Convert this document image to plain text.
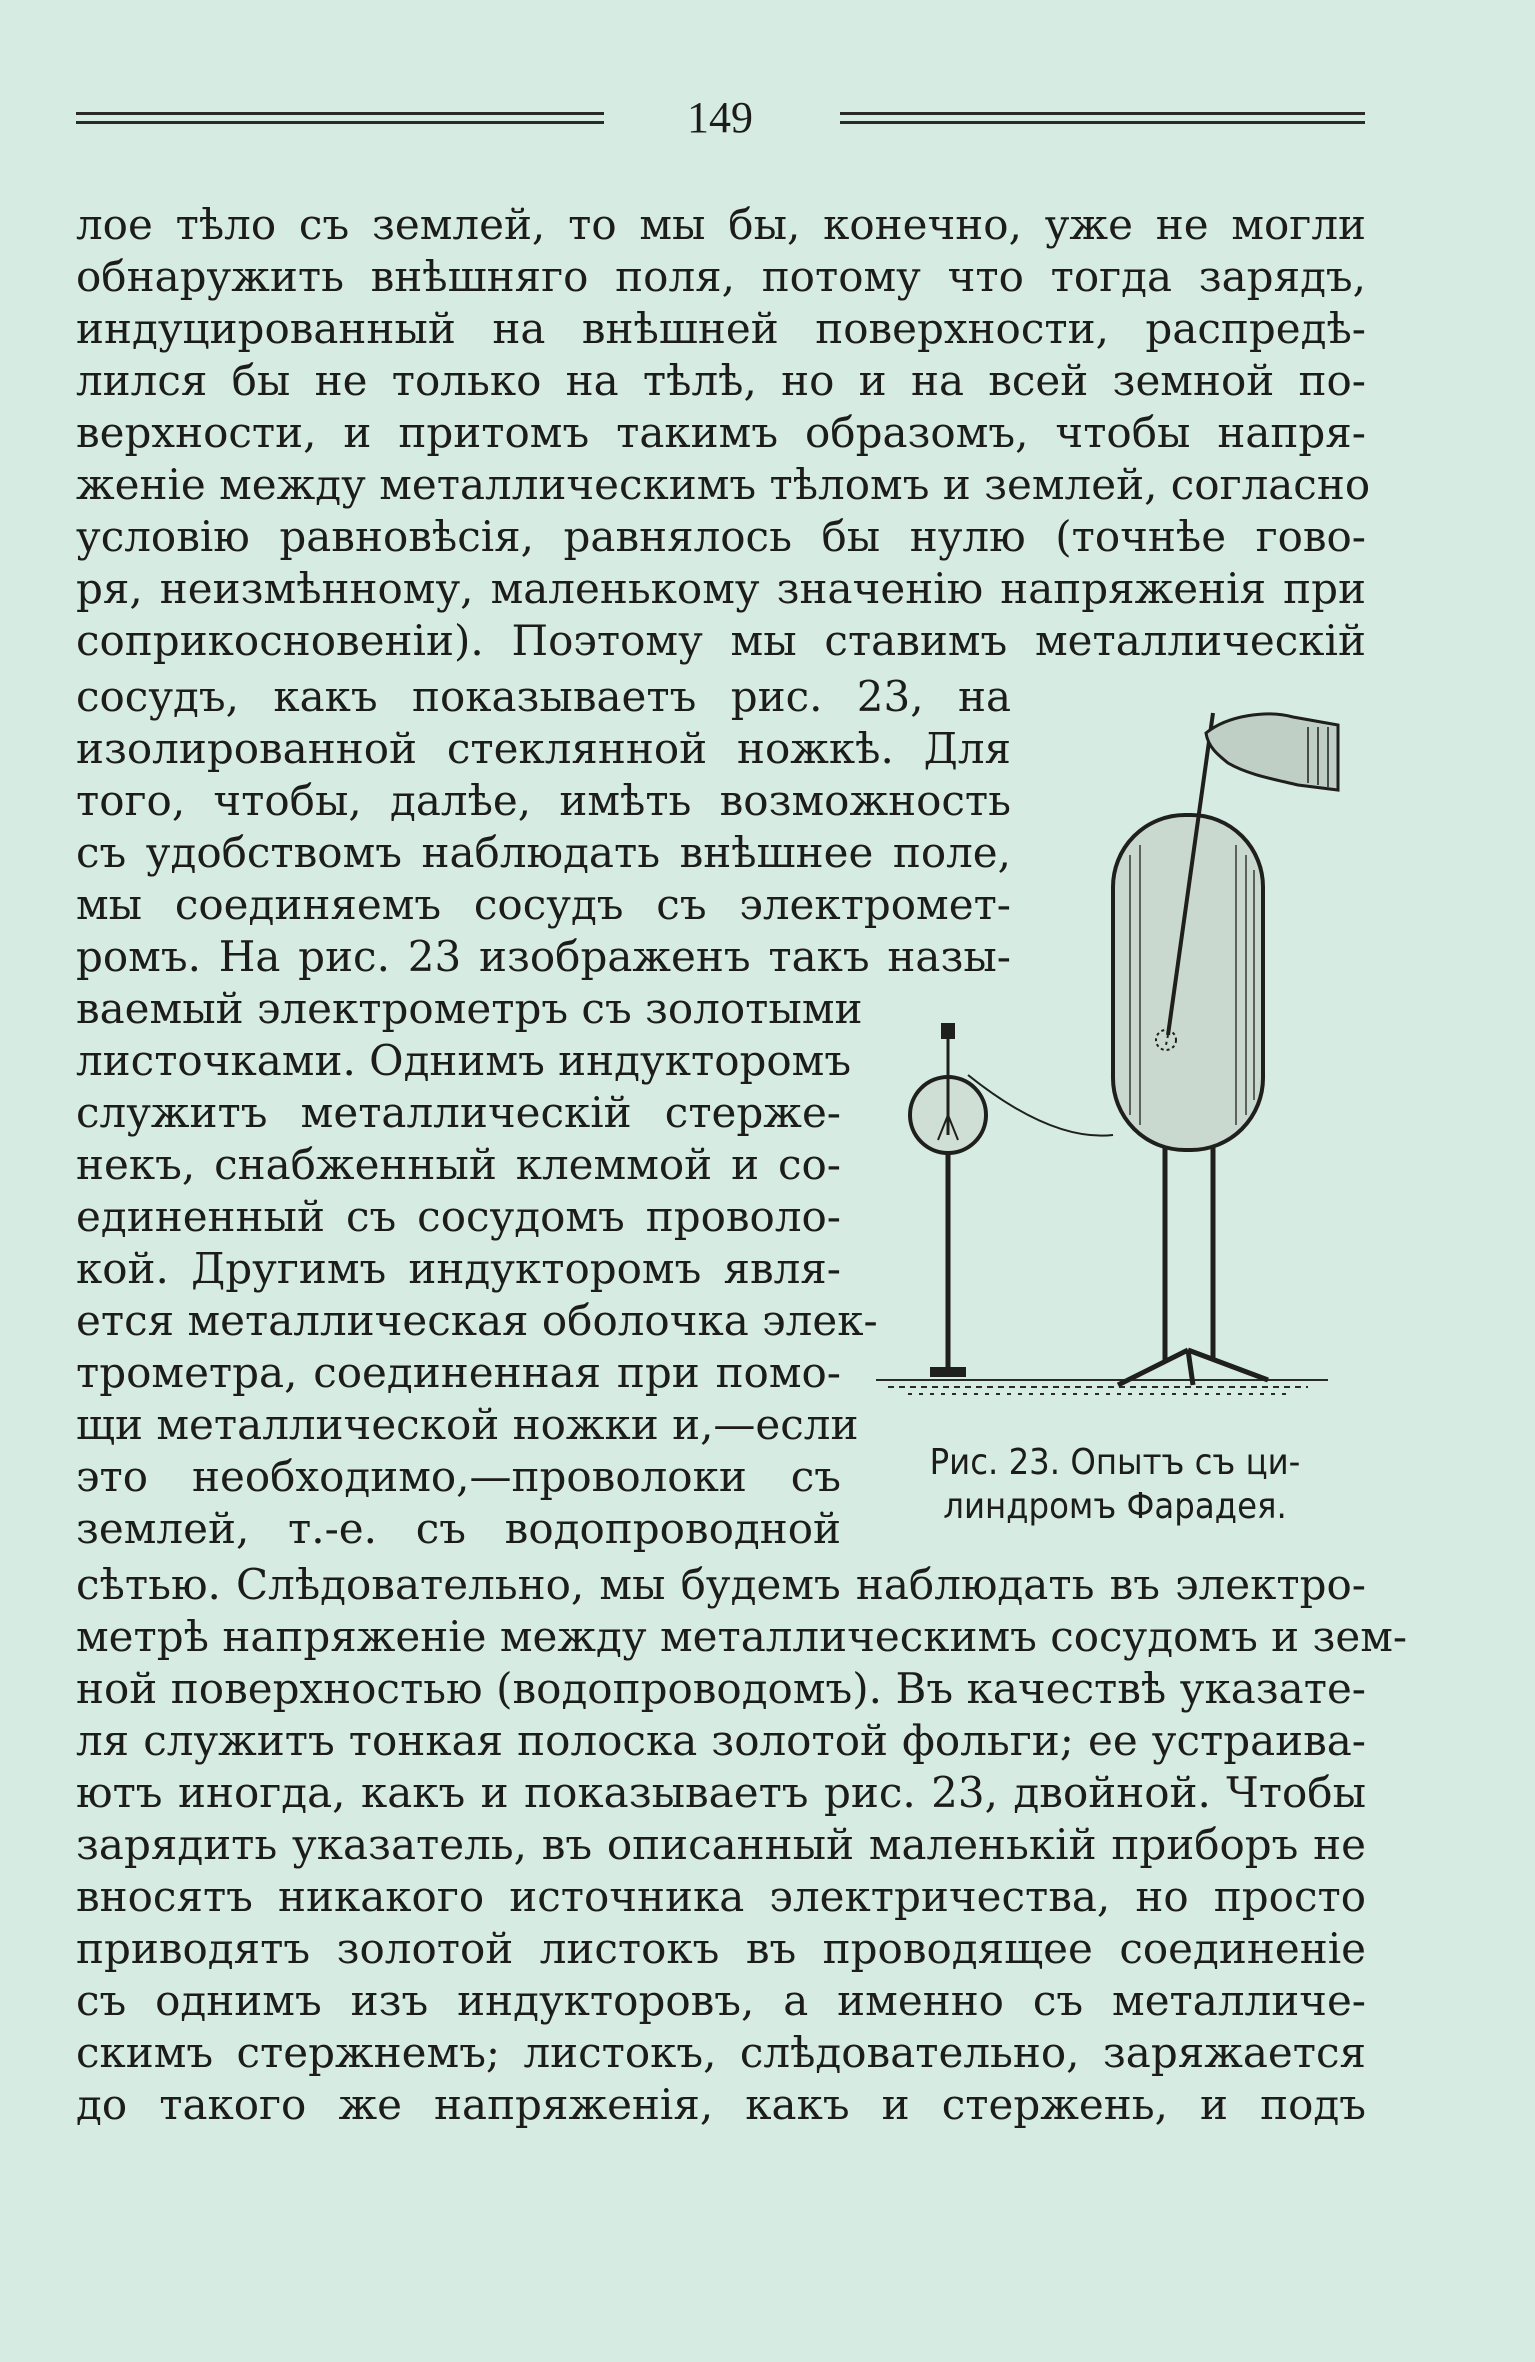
149
лое тѣло съ землей, то мы бы, конечно, уже не могли
обнаружить внѣшняго поля, потому что тогда зарядъ,
индуцированный на внѣшней поверхности, распредѣ-
лился бы не только на тѣлѣ, но и на всей земной по-
верхности, и притомъ такимъ образомъ, чтобы напря-
женіе между металлическимъ тѣломъ и землей, согласно
условію равновѣсія, равнялось бы нулю (точнѣе гово-
ря, неизмѣнному, маленькому значенію напряженія при
соприкосновеніи). Поэтому мы ставимъ металлическій
сосудъ, какъ показываетъ рис. 23, на
изолированной стеклянной ножкѣ. Для
того, чтобы, далѣе, имѣть возможность
съ удобствомъ наблюдать внѣшнее поле,
мы соединяемъ сосудъ съ электромет-
ромъ. На рис. 23 изображенъ такъ назы-
ваемый электрометръ съ золотыми
листочками. Однимъ индукторомъ
служитъ металлическій стерже-
некъ, снабженный клеммой и со-
единенный съ сосудомъ проволо-
кой. Другимъ индукторомъ явля-
ется металлическая оболочка элек-
трометра, соединенная при помо-
щи металлической ножки и,—если
это необходимо,—проволоки съ
землей, т.-е. съ водопроводной
сѣтью. Слѣдовательно, мы будемъ наблюдать въ электро-
метрѣ напряженіе между металлическимъ сосудомъ и зем-
ной поверхностью (водопроводомъ). Въ качествѣ указате-
ля служитъ тонкая полоска золотой фольги; ее устраива-
ютъ иногда, какъ и показываетъ рис. 23, двойной. Чтобы
зарядить указатель, въ описанный маленькій приборъ не
вносятъ никакого источника электричества, но просто
приводятъ золотой листокъ въ проводящее соединеніе
съ однимъ изъ индукторовъ, а именно съ металличе-
скимъ стержнемъ; листокъ, слѣдовательно, заряжается
до такого же напряженія, какъ и стержень, и подъ
Рис. 23. Опытъ съ ци-
линдромъ Фарадея.
